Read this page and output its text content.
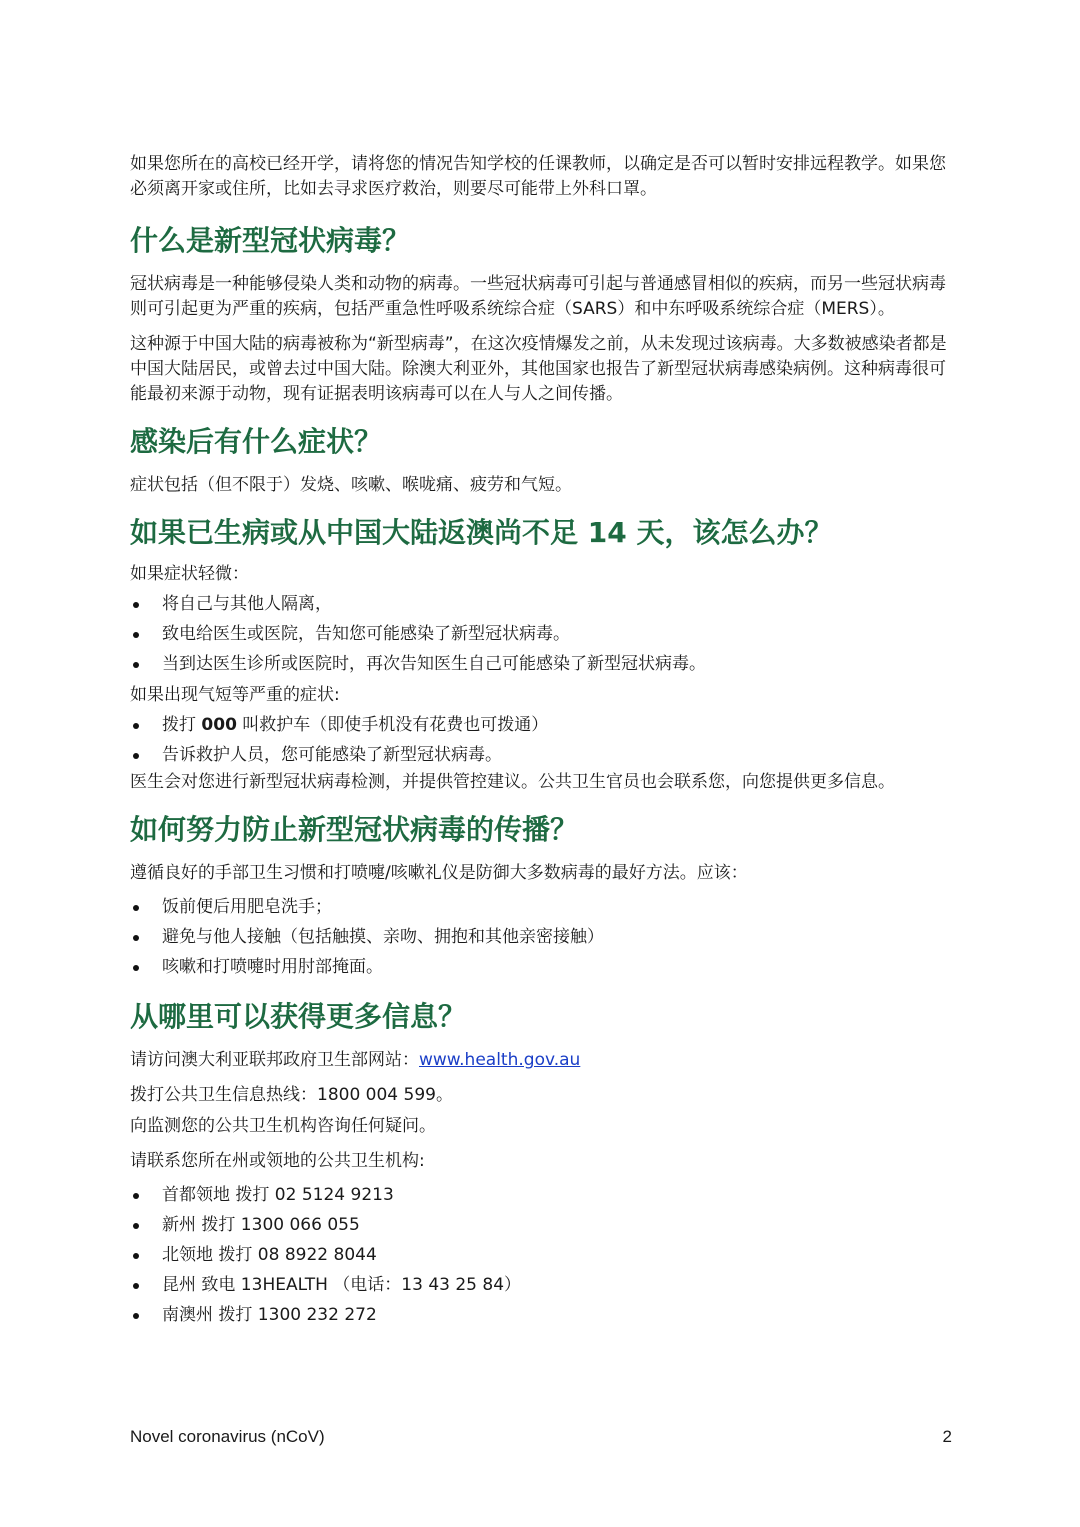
如果您所在的高校已经开学，请将您的情况告知学校的任课教师，以确定是否可以暂时安排远程教学。如果您必须离开家或住所，比如去寻求医疗救治，则要尽可能带上外科口罩。

什么是新型冠状病毒？

冠状病毒是一种能够侵染人类和动物的病毒。一些冠状病毒可引起与普通感冒相似的疾病，而另一些冠状病毒则可引起更为严重的疾病，包括严重急性呼吸系统综合症（SARS）和中东呼吸系统综合症（MERS）。

这种源于中国大陆的病毒被称为“新型病毒”，在这次疫情爆发之前，从未发现过该病毒。大多数被感染者都是中国大陆居民，或曾去过中国大陆。除澳大利亚外，其他国家也报告了新型冠状病毒感染病例。这种病毒很可能最初来源于动物，现有证据表明该病毒可以在人与人之间传播。

感染后有什么症状？

症状包括（但不限于）发烧、咳嗽、喉咙痛、疲劳和气短。

如果已生病或从中国大陆返澳尚不足 14 天，该怎么办？

如果症状轻微：

将自己与其他人隔离，
致电给医生或医院，告知您可能感染了新型冠状病毒。
当到达医生诊所或医院时，再次告知医生自己可能感染了新型冠状病毒。

如果出现气短等严重的症状:

拨打 000 叫救护车（即使手机没有花费也可拨通）
告诉救护人员，您可能感染了新型冠状病毒。

医生会对您进行新型冠状病毒检测，并提供管控建议。公共卫生官员也会联系您，向您提供更多信息。

如何努力防止新型冠状病毒的传播？

遵循良好的手部卫生习惯和打喷嚏/咳嗽礼仪是防御大多数病毒的最好方法。应该：

饭前便后用肥皂洗手；
避免与他人接触（包括触摸、亲吻、拥抱和其他亲密接触）
咳嗽和打喷嚏时用肘部掩面。
从哪里可以获得更多信息？

请访问澳大利亚联邦政府卫生部网站：www.health.gov.au

拨打公共卫生信息热线：1800 004 599。

向监测您的公共卫生机构咨询任何疑问。

请联系您所在州或领地的公共卫生机构:

首都领地 拨打 02 5124 9213
新州 拨打 1300 066 055
北领地 拨打 08 8922 8044
昆州 致电 13HEALTH （电话：13 43 25 84）
南澳州 拨打 1300 232 272
Novel coronavirus (nCoV)	2
